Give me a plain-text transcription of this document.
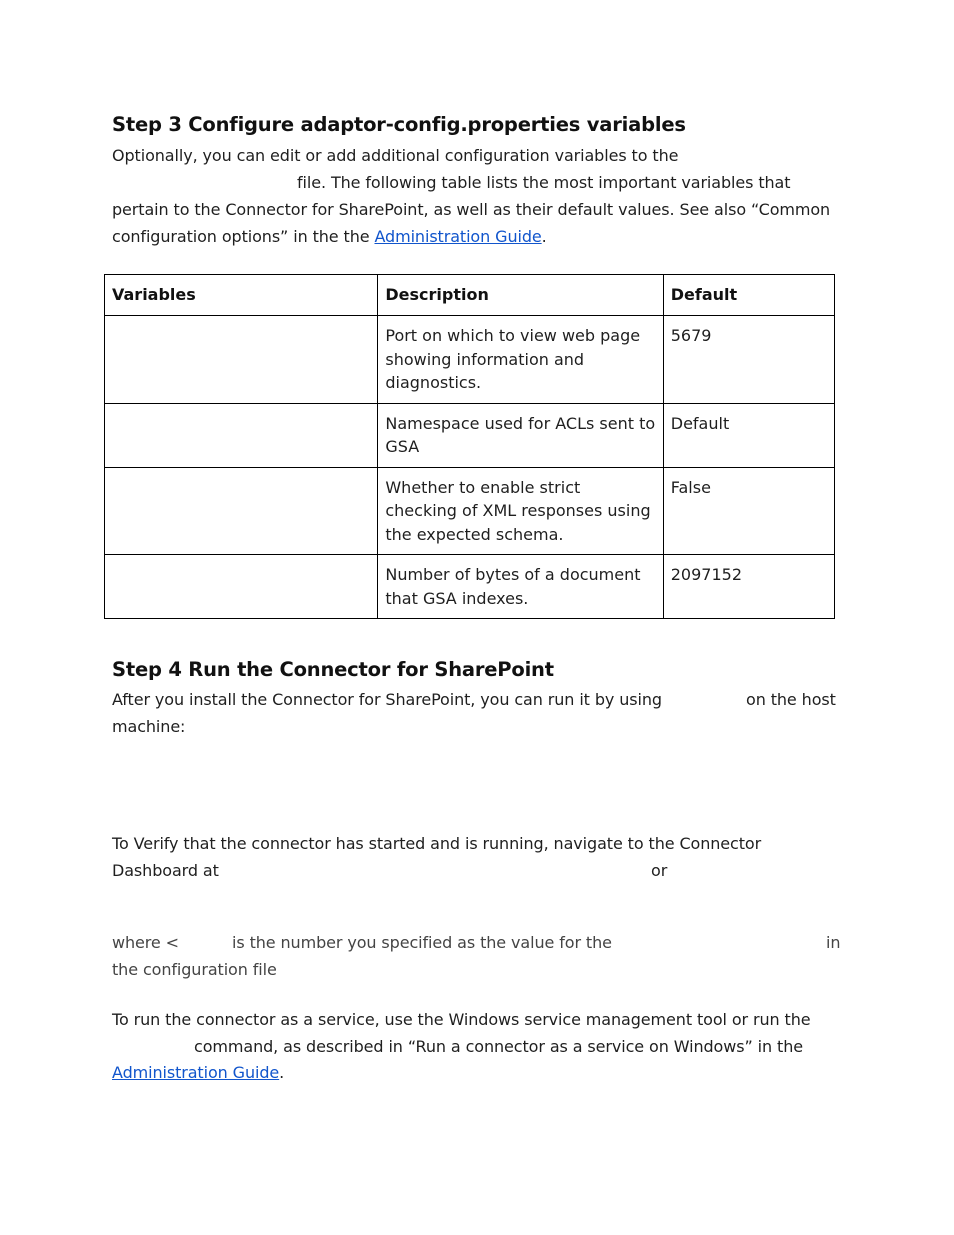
Step 3 Configure adaptor-config.properties variables
Optionally, you can edit or add additional configuration variables to the
file. The following table lists the most important variables that
pertain to the Connector for SharePoint, as well as their default values. See also “Common
configuration options” in the the Administration Guide.
Variables	Description	Default
	Port on which to view web page showing information and diagnostics.	5679
	Namespace used for ACLs sent to GSA	Default
	Whether to enable strict checking of XML responses using the expected schema.	False
	Number of bytes of a document that GSA indexes.	2097152
Step 4 Run the Connector for SharePoint
After you install the Connector for SharePoint, you can run it by using	on the host
machine:
To Verify that the connector has started and is running, navigate to the Connector
Dashboard at	or
where <	is the number you specified as the value for the	in
the configuration file
To run the connector as a service, use the Windows service management tool or run the
command, as described in “Run a connector as a service on Windows” in the
Administration Guide.
